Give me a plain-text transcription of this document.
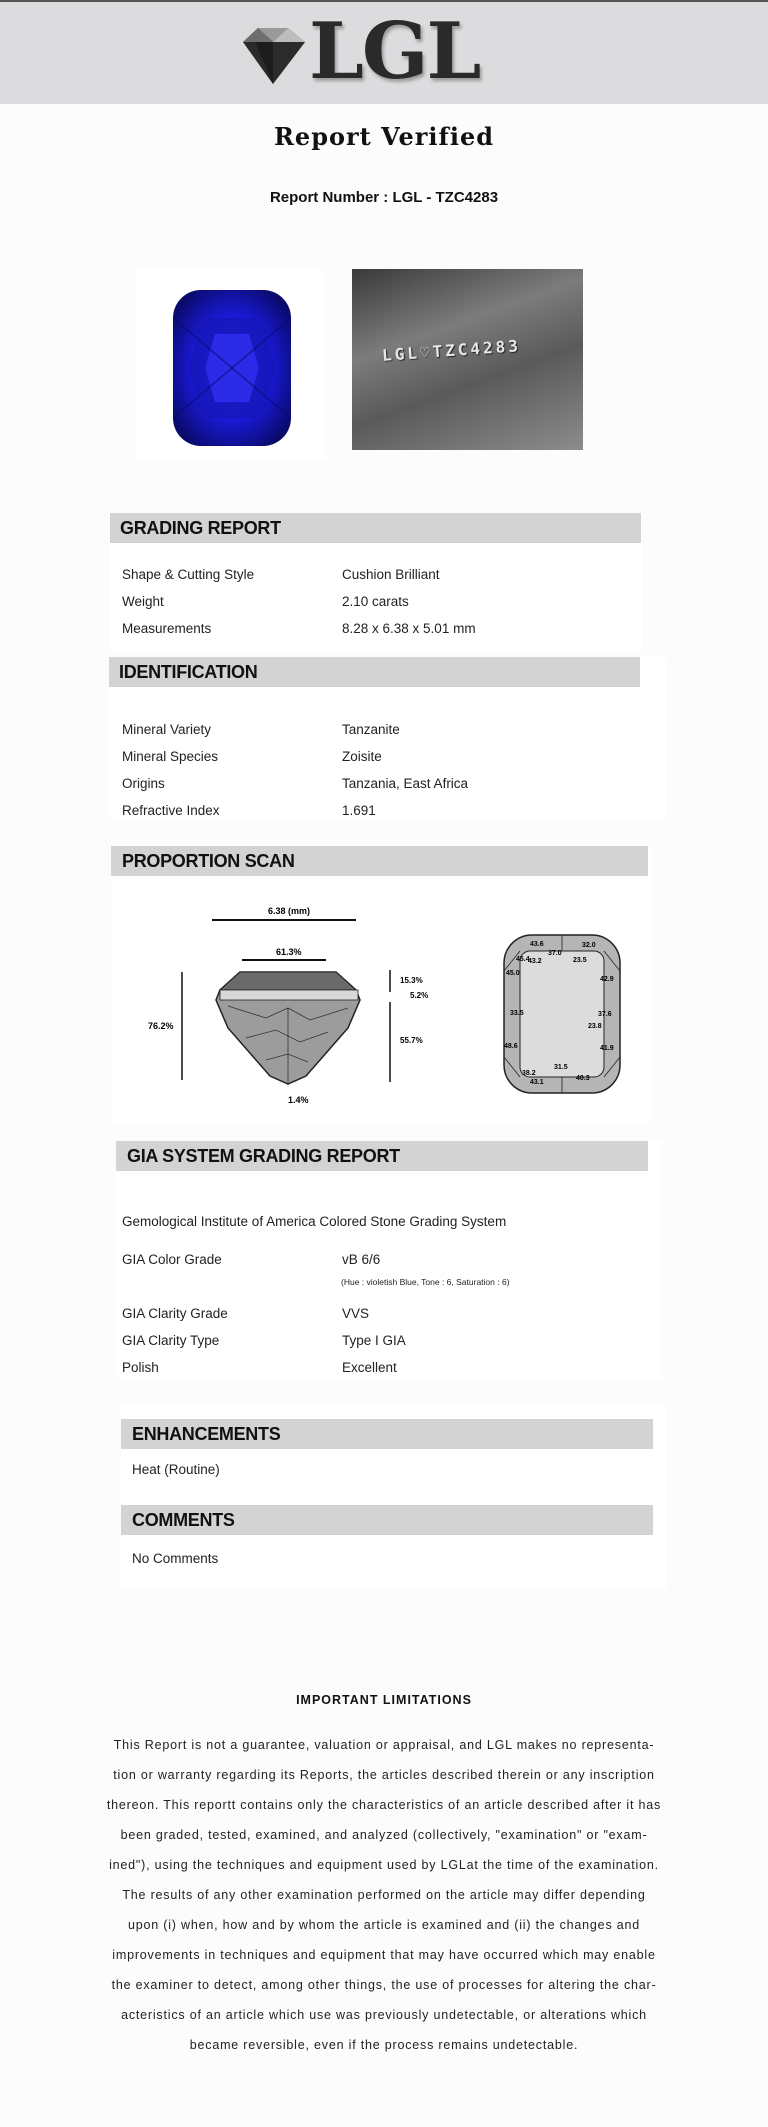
LGL
Report Verified
Report Number : LGL - TZC4283
LGL♡TZC4283
GRADING REPORT
Shape & Cutting Style	Cushion Brilliant
Weight	2.10 carats
Measurements	8.28 x 6.38 x 5.01 mm
IDENTIFICATION
Mineral Variety	Tanzanite
Mineral Species	Zoisite
Origins	Tanzania, East Africa
Refractive Index	1.691
PROPORTION SCAN
6.38 (mm)
61.3%
76.2%
15.3%
5.2%
55.7%
1.4%
43.6
37.0
32.0
45.4	23.5
45.0
42.9
33.5
23.8
37.6
41.9
48.6
31.5
38.2
43.1
40.3
43.2
GIA SYSTEM GRADING REPORT
Gemological Institute of America Colored Stone Grading System
GIA Color Grade	vB 6/6
(Hue : violetish Blue, Tone : 6, Saturation : 6)
GIA Clarity Grade	VVS
GIA Clarity Type	Type I GIA
Polish	Excellent
ENHANCEMENTS
Heat (Routine)
COMMENTS
No Comments
IMPORTANT LIMITATIONS
This Report is not a guarantee, valuation or appraisal, and LGL makes no representa-
tion or warranty regarding its Reports, the articles described therein or any inscription
thereon. This reportt contains only the characteristics of an article described after it has
been graded, tested, examined, and analyzed (collectively, "examination" or "exam-
ined"), using the techniques and equipment used by LGLat the time of the examination.
The results of any other examination performed on the article may differ depending
upon (i) when, how and by whom the article is examined and (ii) the changes and
improvements in techniques and equipment that may have occurred which may enable
the examiner to detect, among other things, the use of processes for altering the char-
acteristics of an article which use was previously undetectable, or alterations which
became reversible, even if the process remains undetectable.
